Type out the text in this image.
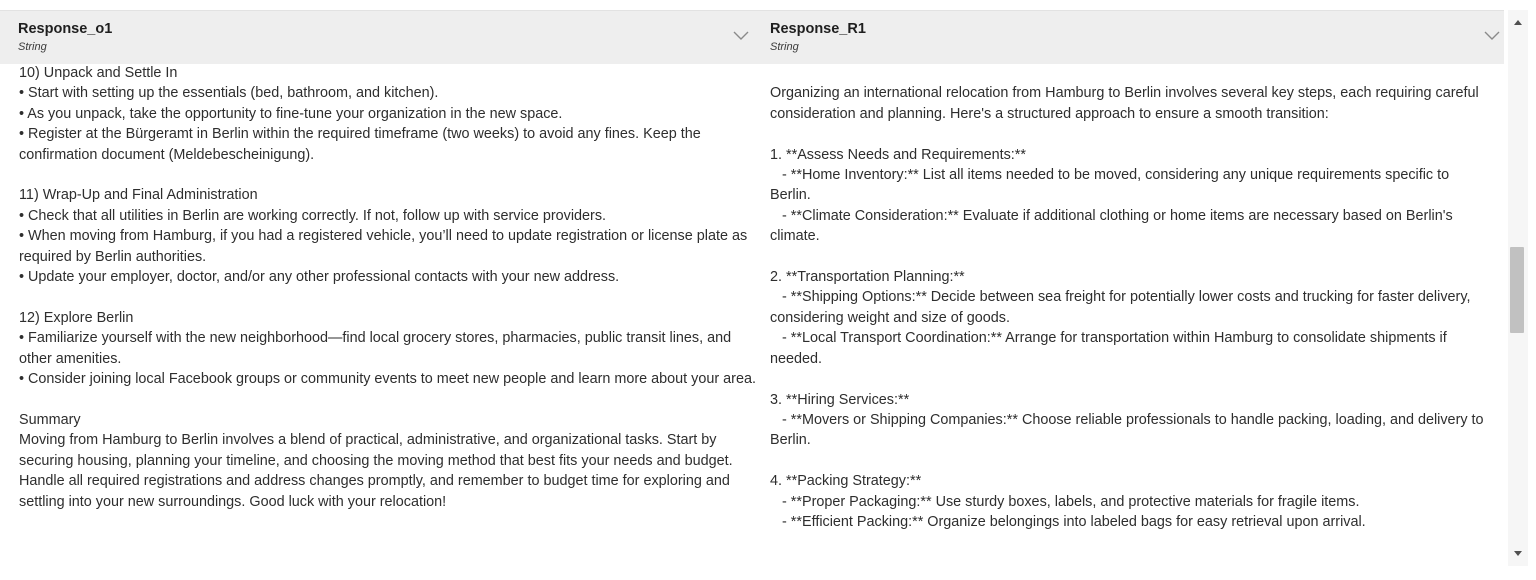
Response_o1
String
Response_R1
String
10) Unpack and Settle In
• Start with setting up the essentials (bed, bathroom, and kitchen).
• As you unpack, take the opportunity to fine-tune your organization in the new space.
• Register at the Bürgeramt in Berlin within the required timeframe (two weeks) to avoid any fines. Keep the confirmation document (Meldebescheinigung).

11) Wrap-Up and Final Administration
• Check that all utilities in Berlin are working correctly. If not, follow up with service providers.
• When moving from Hamburg, if you had a registered vehicle, you’ll need to update registration or license plate as required by Berlin authorities.
• Update your employer, doctor, and/or any other professional contacts with your new address.

12) Explore Berlin
• Familiarize yourself with the new neighborhood—find local grocery stores, pharmacies, public transit lines, and other amenities.
• Consider joining local Facebook groups or community events to meet new people and learn more about your area.

Summary
Moving from Hamburg to Berlin involves a blend of practical, administrative, and organizational tasks. Start by securing housing, planning your timeline, and choosing the moving method that best fits your needs and budget. Handle all required registrations and address changes promptly, and remember to budget time for exploring and settling into your new surroundings. Good luck with your relocation!

Organizing an international relocation from Hamburg to Berlin involves several key steps, each requiring careful consideration and planning. Here's a structured approach to ensure a smooth transition:

1. **Assess Needs and Requirements:**
- **Home Inventory:** List all items needed to be moved, considering any unique requirements specific to Berlin.
- **Climate Consideration:** Evaluate if additional clothing or home items are necessary based on Berlin's climate.

2. **Transportation Planning:**
- **Shipping Options:** Decide between sea freight for potentially lower costs and trucking for faster delivery, considering weight and size of goods.
- **Local Transport Coordination:** Arrange for transportation within Hamburg to consolidate shipments if needed.

3. **Hiring Services:**
- **Movers or Shipping Companies:** Choose reliable professionals to handle packing, loading, and delivery to Berlin.

4. **Packing Strategy:**
- **Proper Packaging:** Use sturdy boxes, labels, and protective materials for fragile items.
- **Efficient Packing:** Organize belongings into labeled bags for easy retrieval upon arrival.
